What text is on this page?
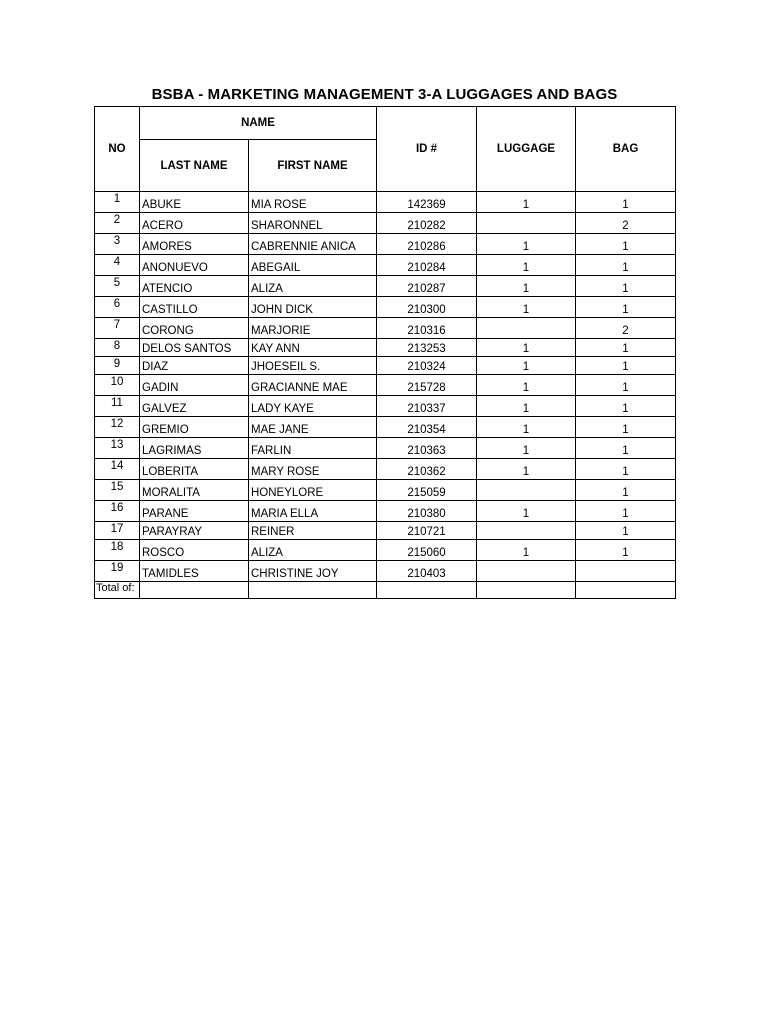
BSBA - MARKETING MANAGEMENT 3-A LUGGAGES AND BAGS
NO	NAME		ID #	LUGGAGE	BAG
	LAST NAME	FIRST NAME			

1	ABUKE	MIA ROSE	142369	1	1

2	ACERO	SHARONNEL	210282		2

3	AMORES	CABRENNIE ANICA	210286	1	1

4	ANONUEVO	ABEGAIL	210284	1	1

5	ATENCIO	ALIZA	210287	1	1

6	CASTILLO	JOHN DICK	210300	1	1

7	CORONG	MARJORIE	210316		2

8	DELOS SANTOS	KAY ANN	213253	1	1

9	DIAZ	JHOESEIL S.	210324	1	1

10	GADIN	GRACIANNE MAE	215728	1	1

11	GALVEZ	LADY KAYE	210337	1	1

12	GREMIO	MAE JANE	210354	1	1

13	LAGRIMAS	FARLIN	210363	1	1

14	LOBERITA	MARY ROSE	210362	1	1

15	MORALITA	HONEYLORE	215059		1

16	PARANE	MARIA ELLA	210380	1	1

17	PARAYRAY	REINER	210721		1

18	ROSCO	ALIZA	215060	1	1

19	TAMIDLES	CHRISTINE JOY	210403		

Total of:					
